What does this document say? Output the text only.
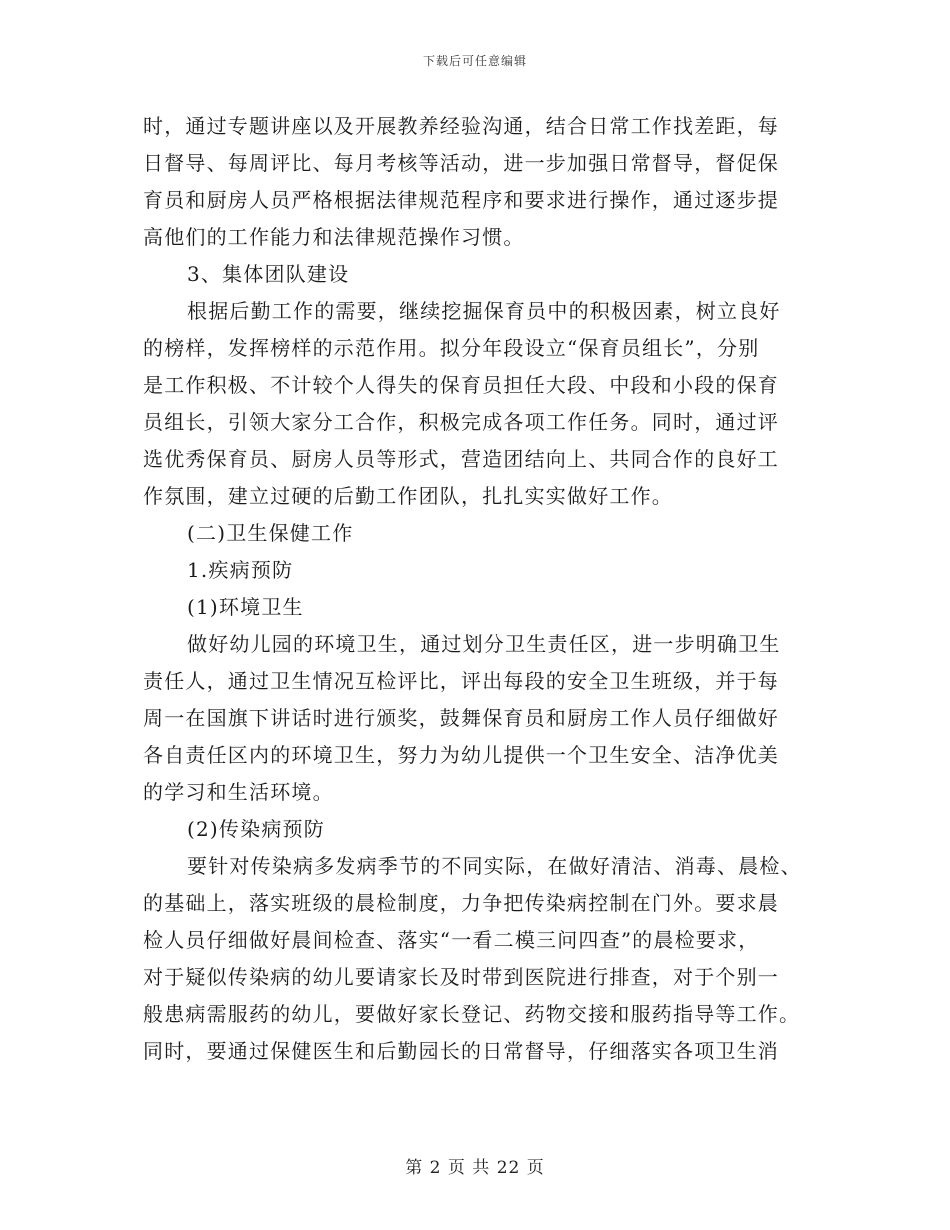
下载后可任意编辑
时，通过专题讲座以及开展教养经验沟通，结合日常工作找差距，每
日督导、每周评比、每月考核等活动，进一步加强日常督导，督促保
育员和厨房人员严格根据法律规范程序和要求进行操作，通过逐步提
高他们的工作能力和法律规范操作习惯。
3、集体团队建设
根据后勤工作的需要，继续挖掘保育员中的积极因素，树立良好
的榜样，发挥榜样的示范作用。拟分年段设立“保育员组长”，分别
是工作积极、不计较个人得失的保育员担任大段、中段和小段的保育
员组长，引领大家分工合作，积极完成各项工作任务。同时，通过评
选优秀保育员、厨房人员等形式，营造团结向上、共同合作的良好工
作氛围，建立过硬的后勤工作团队，扎扎实实做好工作。
(二)卫生保健工作
1.疾病预防
(1)环境卫生
做好幼儿园的环境卫生，通过划分卫生责任区，进一步明确卫生
责任人，通过卫生情况互检评比，评出每段的安全卫生班级，并于每
周一在国旗下讲话时进行颁奖，鼓舞保育员和厨房工作人员仔细做好
各自责任区内的环境卫生，努力为幼儿提供一个卫生安全、洁净优美
的学习和生活环境。
(2)传染病预防
要针对传染病多发病季节的不同实际，在做好清洁、消毒、晨检、
的基础上，落实班级的晨检制度，力争把传染病控制在门外。要求晨
检人员仔细做好晨间检查、落实“一看二模三问四查”的晨检要求，
对于疑似传染病的幼儿要请家长及时带到医院进行排查，对于个别一
般患病需服药的幼儿，要做好家长登记、药物交接和服药指导等工作。
同时，要通过保健医生和后勤园长的日常督导，仔细落实各项卫生消
第 2 页 共 22 页
